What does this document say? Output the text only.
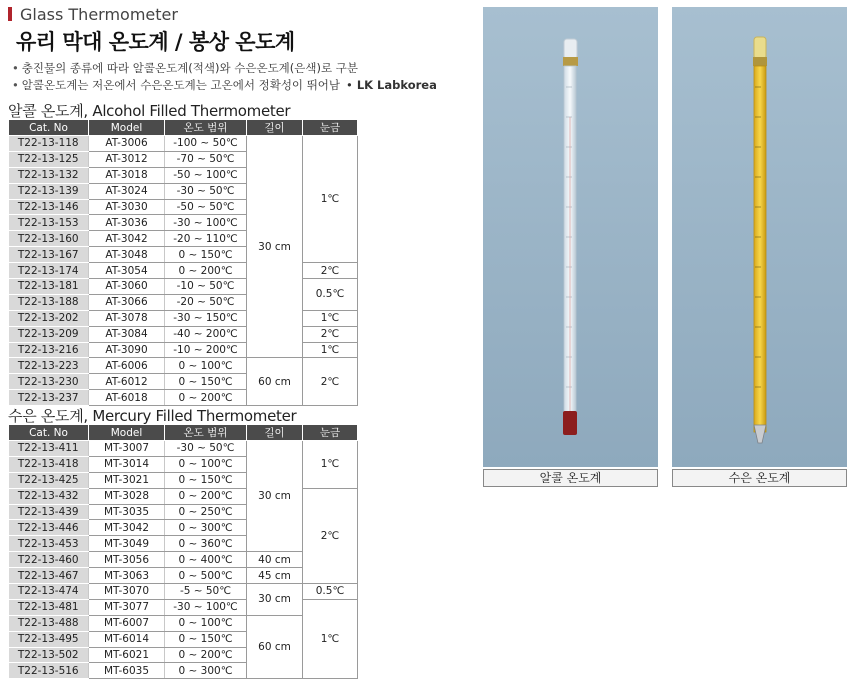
Glass Thermometer
유리 막대 온도계 / 봉상 온도계
• 충진물의 종류에 따라 알콜온도계(적색)와 수은온도계(은색)로 구분
• 알콜온도계는 저온에서 수은온도계는 고온에서 정확성이 뛰어남 • LK Labkorea
알콜 온도계, Alcohol Filled Thermometer
Cat. No	Model	온도 범위	길이	눈금
T22-13-118	AT-3006	-100 ~ 50℃	30 cm	1℃
T22-13-125	AT-3012	-70 ~ 50℃		
T22-13-132	AT-3018	-50 ~ 100℃		
T22-13-139	AT-3024	-30 ~ 50℃		
T22-13-146	AT-3030	-50 ~ 50℃		
T22-13-153	AT-3036	-30 ~ 100℃		
T22-13-160	AT-3042	-20 ~ 110℃		
T22-13-167	AT-3048	0 ~ 150℃		
T22-13-174	AT-3054	0 ~ 200℃		2℃
T22-13-181	AT-3060	-10 ~ 50℃		0.5℃
T22-13-188	AT-3066	-20 ~ 50℃		
T22-13-202	AT-3078	-30 ~ 150℃		1℃
T22-13-209	AT-3084	-40 ~ 200℃		2℃
T22-13-216	AT-3090	-10 ~ 200℃		1℃
T22-13-223	AT-6006	0 ~ 100℃	60 cm	2℃
T22-13-230	AT-6012	0 ~ 150℃		
T22-13-237	AT-6018	0 ~ 200℃		
수은 온도계, Mercury Filled Thermometer
Cat. No	Model	온도 범위	길이	눈금
T22-13-411	MT-3007	-30 ~ 50℃	30 cm	1℃
T22-13-418	MT-3014	0 ~ 100℃		
T22-13-425	MT-3021	0 ~ 150℃		
T22-13-432	MT-3028	0 ~ 200℃		2℃
T22-13-439	MT-3035	0 ~ 250℃		
T22-13-446	MT-3042	0 ~ 300℃		
T22-13-453	MT-3049	0 ~ 360℃		
T22-13-460	MT-3056	0 ~ 400℃	40 cm	
T22-13-467	MT-3063	0 ~ 500℃	45 cm	
T22-13-474	MT-3070	-5 ~ 50℃	30 cm	0.5℃
T22-13-481	MT-3077	-30 ~ 100℃		1℃
T22-13-488	MT-6007	0 ~ 100℃	60 cm	
T22-13-495	MT-6014	0 ~ 150℃		
T22-13-502	MT-6021	0 ~ 200℃		
T22-13-516	MT-6035	0 ~ 300℃		
알콜 온도계	수은 온도계
